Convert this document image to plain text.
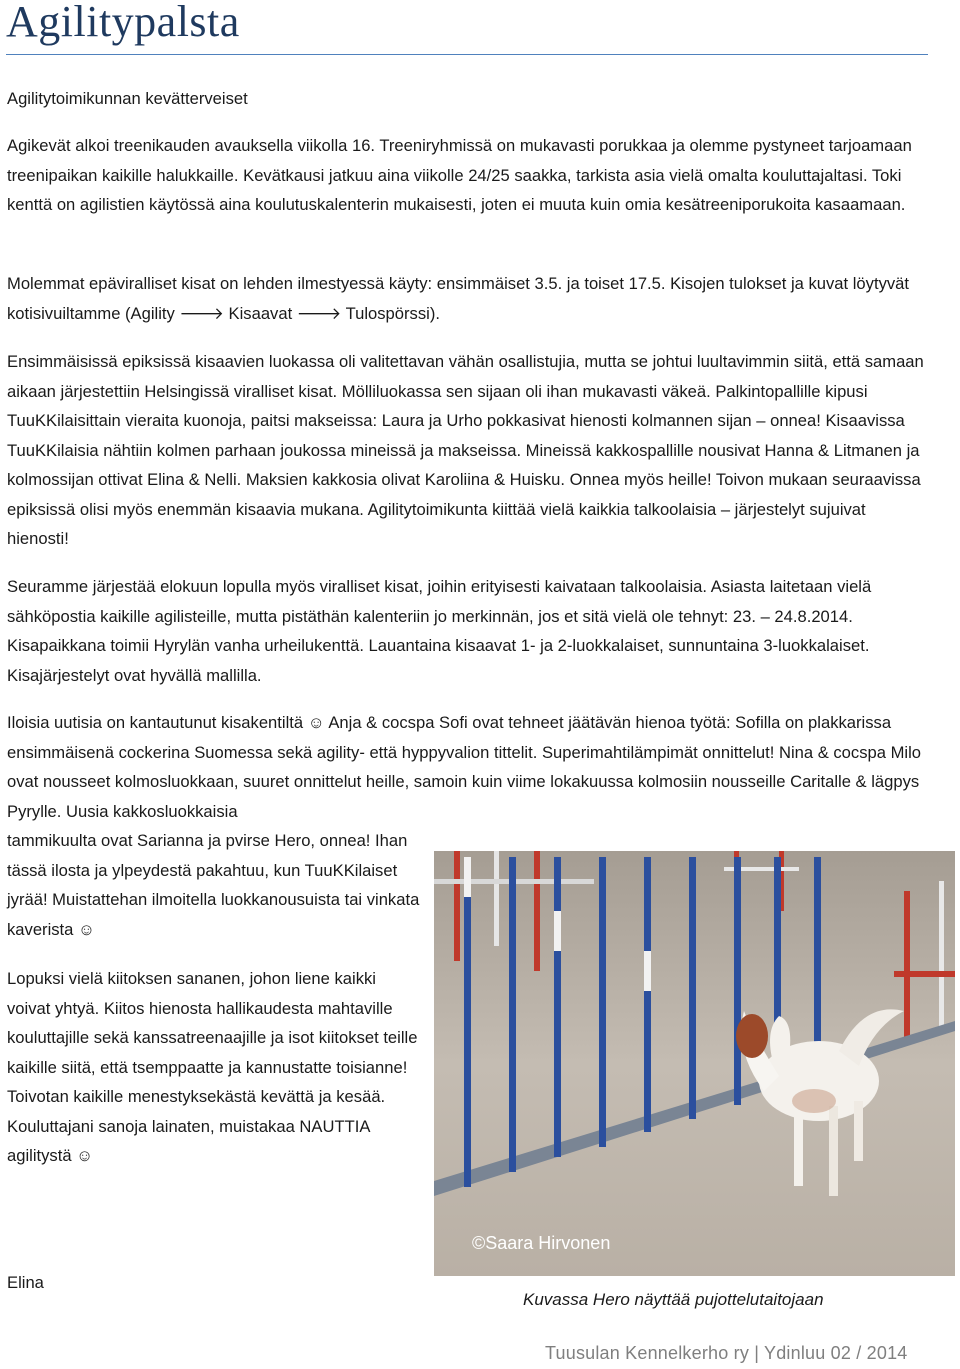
Agilitypalsta

Agilitytoimikunnan kevätterveiset

Agikevät alkoi treenikauden avauksella viikolla 16. Treeniryhmissä on mukavasti porukkaa ja olemme pystyneet tarjoamaan treenipaikan kaikille halukkaille. Kevätkausi jatkuu aina viikolle 24/25 saakka, tarkista asia vielä omalta kouluttajaltasi. Toki kenttä on agilistien käytössä aina koulutuskalenterin mukaisesti, joten ei muuta kuin omia kesätreeniporukoita kasaamaan.

Molemmat epäviralliset kisat on lehden ilmestyessä käyty: ensimmäiset 3.5. ja toiset 17.5. Kisojen tulokset ja kuvat löytyvät kotisivuiltamme (Agility 🡒 Kisaavat 🡒 Tulospörssi).

Ensimmäisissä epiksissä kisaavien luokassa oli valitettavan vähän osallistujia, mutta se johtui luultavimmin siitä, että samaan aikaan järjestettiin Helsingissä viralliset kisat. Mölliluokassa sen sijaan oli ihan mukavasti väkeä. Palkintopallille kipusi TuuKKilaisittain vieraita kuonoja, paitsi makseissa: Laura ja Urho pokkasivat hienosti kolmannen sijan – onnea! Kisaavissa TuuKKilaisia nähtiin kolmen parhaan joukossa mineissä ja makseissa. Mineissä kakkospallille nousivat Hanna & Litmanen ja kolmossijan ottivat Elina & Nelli. Maksien kakkosia olivat Karoliina & Huisku. Onnea myös heille! Toivon mukaan seuraavissa epiksissä olisi myös enemmän kisaavia mukana. Agilitytoimikunta kiittää vielä kaikkia talkoolaisia – järjestelyt sujuivat hienosti!

Seuramme järjestää elokuun lopulla myös viralliset kisat, joihin erityisesti kaivataan talkoolaisia. Asiasta laitetaan vielä sähköpostia kaikille agilisteille, mutta pistäthän kalenteriin jo merkinnän, jos et sitä vielä ole tehnyt: 23. – 24.8.2014. Kisapaikkana toimii Hyrylän vanha urheilukenttä. Lauantaina kisaavat 1- ja 2-luokkalaiset, sunnuntaina 3-luokkalaiset. Kisajärjestelyt ovat hyvällä mallilla.

Iloisia uutisia on kantautunut kisakentiltä ☺ Anja & cocspa Sofi ovat tehneet jäätävän hienoa työtä: Sofilla on plakkarissa ensimmäisenä cockerina Suomessa sekä agility- että hyppyvalion tittelit. Superimahtilämpimät onnittelut! Nina & cocspa Milo ovat nousseet kolmosluokkaan, suuret onnittelut heille, samoin kuin viime lokakuussa kolmosiin nousseille Caritalle & lägpys Pyrylle. Uusia kakkosluokkaisia

tammikuulta ovat Sarianna ja pvirse Hero, onnea! Ihan tässä ilosta ja ylpeydestä pakahtuu, kun TuuKKilaiset jyrää! Muistattehan ilmoitella luokkanousuista tai vinkata kaverista ☺

Lopuksi vielä kiitoksen sananen, johon liene kaikki voivat yhtyä. Kiitos hienosta hallikaudesta mahtaville kouluttajille sekä kanssatreenaajille ja isot kiitokset teille kaikille siitä, että tsemppaatte ja kannustatte toisianne! Toivotan kaikille menestyksekästä kevättä ja kesää. Kouluttajani sanoja lainaten, muistakaa NAUTTIA agilitystä ☺

Elina

©Saara Hirvonen

Kuvassa Hero näyttää pujottelutaitojaan

Tuusulan Kennelkerho ry | Ydinluu 02 / 2014
